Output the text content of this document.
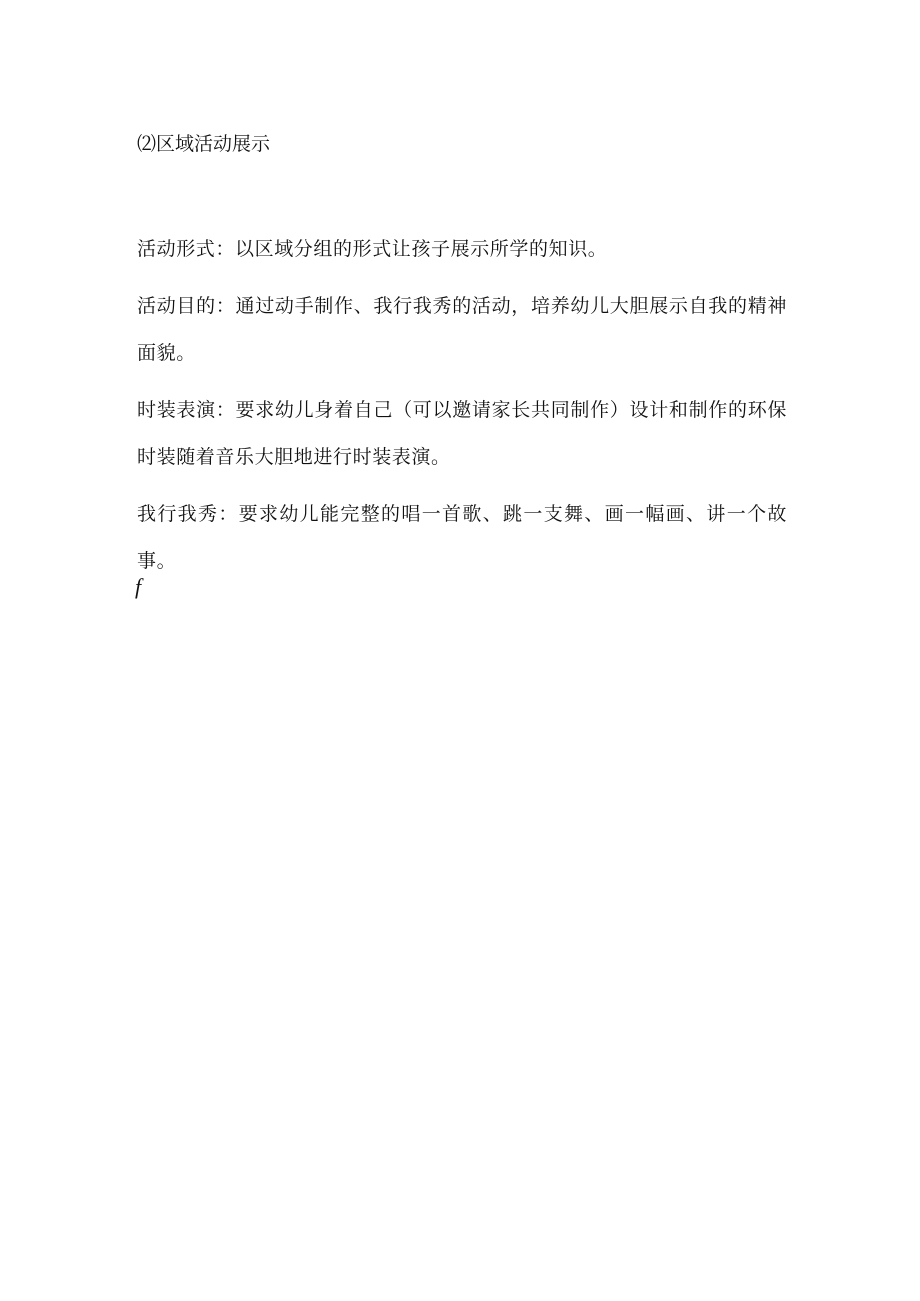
⑵区域活动展示

活动形式：以区域分组的形式让孩子展示所学的知识。

活动目的：通过动手制作、我行我秀的活动，培养幼儿大胆展示自我的精神面貌。

时装表演：要求幼儿身着自己（可以邀请家长共同制作）设计和制作的环保时装随着音乐大胆地进行时装表演。

我行我秀：要求幼儿能完整的唱一首歌、跳一支舞、画一幅画、讲一个故事。

f
